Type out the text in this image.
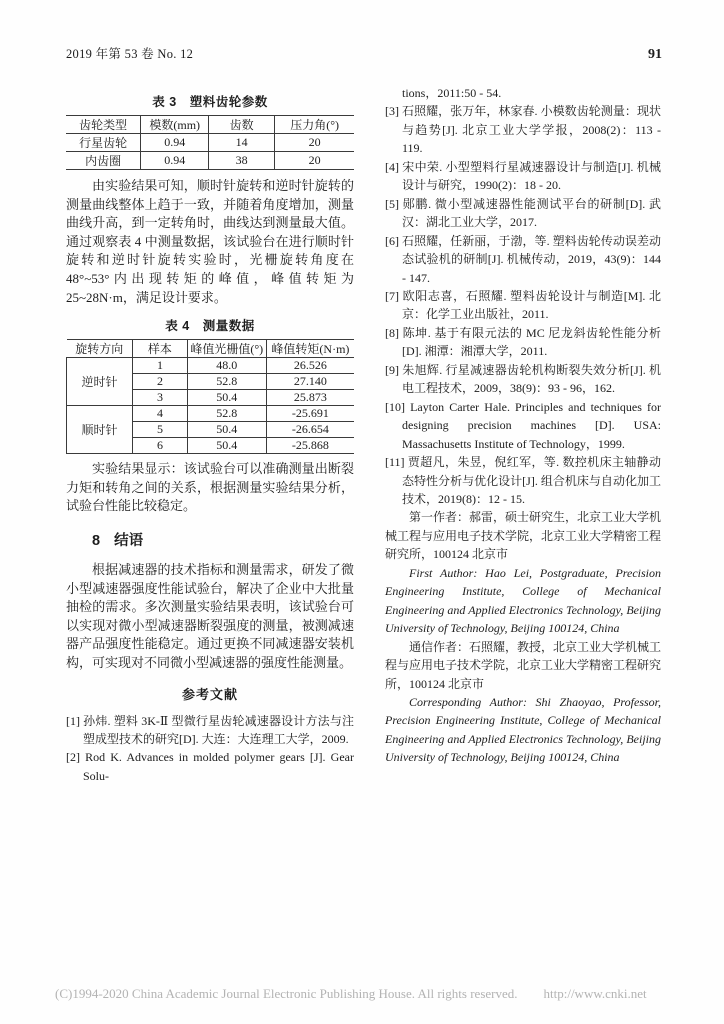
2019 年第 53 卷 No. 12	91

表 3　塑料齿轮参数

齿轮类型	模数(mm)	齿数	压力角(°)
行星齿轮	0.94	14	20
内齿圈	0.94	38	20

由实验结果可知，顺时针旋转和逆时针旋转的测量曲线整体上趋于一致，并随着角度增加，测量曲线升高，到一定转角时，曲线达到测量最大值。通过观察表 4 中测量数据，该试验台在进行顺时针旋转和逆时针旋转实验时，光栅旋转角度在 48°~53°内出现转矩的峰值，峰值转矩为 25~28N·m，满足设计要求。

表 4　测量数据

旋转方向	样本	峰值光栅值(°)	峰值转矩(N·m)
逆时针	1	48.0	26.526
	2	52.8	27.140
	3	50.4	25.873
顺时针	4	52.8	-25.691
	5	50.4	-26.654
	6	50.4	-25.868

实验结果显示：该试验台可以准确测量出断裂力矩和转角之间的关系，根据测量实验结果分析，试验台性能比较稳定。

8 结语

根据减速器的技术指标和测量需求，研发了微小型减速器强度性能试验台，解决了企业中大批量抽检的需求。多次测量实验结果表明，该试验台可以实现对微小型减速器断裂强度的测量，被测减速器产品强度性能稳定。通过更换不同减速器安装机构，可实现对不同微小型减速器的强度性能测量。

参考文献

[1] 孙炜. 塑料 3K-Ⅱ 型微行星齿轮减速器设计方法与注塑成型技术的研究[D]. 大连：大连理工大学，2009.

[2] Rod K. Advances in molded polymer gears [J]. Gear Solu-

tions，2011:50 - 54.

[3] 石照耀，张万年，林家春. 小模数齿轮测量：现状与趋势[J]. 北京工业大学学报，2008(2)：113 - 119.

[4] 宋中荣. 小型塑料行星减速器设计与制造[J]. 机械设计与研究，1990(2)：18 - 20.

[5] 郧鹏. 微小型减速器性能测试平台的研制[D]. 武汉：湖北工业大学，2017.

[6] 石照耀，任新丽，于渤，等. 塑料齿轮传动误差动态试验机的研制[J]. 机械传动，2019，43(9)：144 - 147.

[7] 欧阳志喜，石照耀. 塑料齿轮设计与制造[M]. 北京：化学工业出版社，2011.

[8] 陈坤. 基于有限元法的 MC 尼龙斜齿轮性能分析[D]. 湘潭：湘潭大学，2011.

[9] 朱旭辉. 行星减速器齿轮机构断裂失效分析[J]. 机电工程技术，2009，38(9)：93 - 96，162.

[10] Layton Carter Hale. Principles and techniques for designing precision machines [D]. USA: Massachusetts Institute of Technology，1999.

[11] 贾超凡，朱昱，倪红军，等. 数控机床主轴静动态特性分析与优化设计[J]. 组合机床与自动化加工技术，2019(8)：12 - 15.

第一作者：郝雷，硕士研究生，北京工业大学机械工程与应用电子技术学院，北京工业大学精密工程研究所，100124 北京市

First Author: Hao Lei, Postgraduate, Precision Engineering Institute, College of Mechanical Engineering and Applied Electronics Technology, Beijing University of Technology, Beijing 100124, China

通信作者：石照耀，教授，北京工业大学机械工程与应用电子技术学院，北京工业大学精密工程研究所，100124 北京市

Corresponding Author: Shi Zhaoyao, Professor, Precision Engineering Institute, College of Mechanical Engineering and Applied Electronics Technology, Beijing University of Technology, Beijing 100124, China

(C)1994-2020 China Academic Journal Electronic Publishing House. All rights reserved. http://www.cnki.net
